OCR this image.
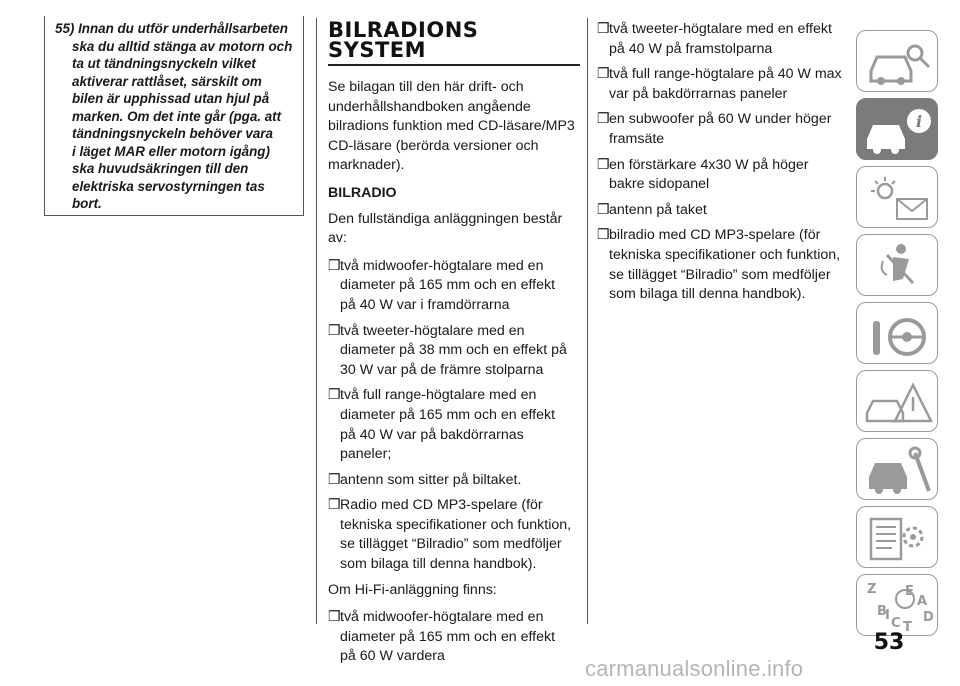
55) Innan du utför underhållsarbeten
ska du alltid stänga av motorn och
ta ut tändningsnyckeln vilket
aktiverar rattlåset, särskilt om
bilen är upphissad utan hjul på
marken. Om det inte går (pga. att
tändningsnyckeln behöver vara
i läget MAR eller motorn igång)
ska huvudsäkringen till den
elektriska servostyrningen tas
bort.
BILRADIONS
SYSTEM
Se bilagan till den här drift- och
underhållshandboken angående
bilradions funktion med CD-läsare/MP3
CD-läsare (berörda versioner och
marknader).
BILRADIO
Den fullständiga anläggningen består
av:
❒ två midwoofer-högtalare med en
diameter på 165 mm och en effekt
på 40 W var i framdörrarna
❒ två tweeter-högtalare med en
diameter på 38 mm och en effekt på
30 W var på de främre stolparna
❒ två full range-högtalare med en
diameter på 165 mm och en effekt
på 40 W var på bakdörrarnas
paneler;
❒ antenn som sitter på biltaket.
❒ Radio med CD MP3-spelare (för
tekniska specifikationer och funktion,
se tillägget “Bilradio” som medföljer
som bilaga till denna handbok).
Om Hi-Fi-anläggning finns:
❒ två midwoofer-högtalare med en
diameter på 165 mm och en effekt
på 60 W vardera
❒ två tweeter-högtalare med en effekt
på 40 W på framstolparna
❒ två full range-högtalare på 40 W max
var på bakdörrarnas paneler
❒ en subwoofer på 60 W under höger
framsäte
❒ en förstärkare 4x30 W på höger
bakre sidopanel
❒ antenn på taket
❒ bilradio med CD MP3-spelare (för
tekniska specifikationer och funktion,
se tillägget “Bilradio” som medföljer
som bilaga till denna handbok).
i
Z
B
A
C T
D
I
E
53
carmanualsonline.info
